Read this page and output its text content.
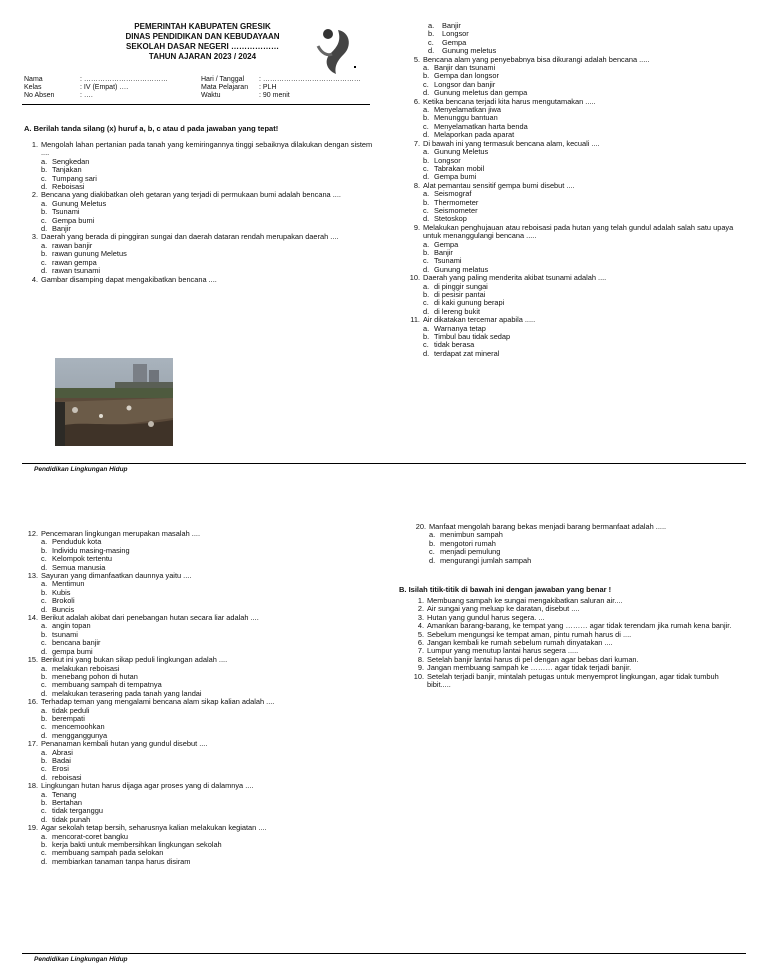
PEMERINTAH KABUPATEN GRESIK
DINAS PENDIDIKAN DAN KEBUDAYAAN
SEKOLAH DASAR NEGERI ………………
TAHUN AJARAN 2023 / 2024
Nama	: ………………………………
Kelas	: IV (Empat) ….
No Absen	: ….
Hari / Tanggal	: ……………………………………
Mata Pelajaran	: PLH
Waktu	: 90 menit
A. Berilah tanda silang (x) huruf a, b, c atau d pada jawaban yang tepat!
1. Mengolah lahan pertanian pada tanah yang kemiringannya tinggi sebaiknya dilakukan dengan sistem ....
a. Sengkedan
b. Tanjakan
c. Tumpang sari
d. Reboisasi
2. Bencana yang diakibatkan oleh getaran yang terjadi di permukaan bumi adalah bencana ....
a. Gunung Meletus
b. Tsunami
c. Gempa bumi
d. Banjir
3. Daerah yang berada di pinggiran sungai dan daerah dataran rendah merupakan daerah ....
a. rawan banjir
b. rawan gunung Meletus
c. rawan gempa
d. rawan tsunami
4. Gambar disamping dapat mengakibatkan bencana ....
a.	Banjir
b.	Longsor
c.	Gempa
d.	Gunung meletus
5. Bencana alam yang penyebabnya bisa dikurangi adalah bencana .....
a. Banjir dan tsunami
b. Gempa dan longsor
c. Longsor dan banjir
d. Gunung meletus dan gempa
6. Ketika bencana terjadi kita harus mengutamakan .....
a. Menyelamatkan jiwa
b. Menunggu bantuan
c. Menyelamatkan harta benda
d. Melaporkan pada aparat
7. Di bawah ini yang termasuk bencana alam, kecuali ....
a. Gunung Meletus
b. Longsor
c. Tabrakan mobil
d. Gempa bumi
8. Alat pemantau sensitif gempa bumi disebut ....
a. Seismograf
b. Thermometer
c. Seismometer
d. Stetoskop
9. Melakukan penghujauan atau reboisasi pada hutan yang telah gundul adalah salah satu upaya untuk menanggulangi bencana .....
a. Gempa
b. Banjir
c. Tsunami
d. Gunung melatus
10. Daerah yang paling menderita akibat tsunami adalah ....
a. di pinggir sungai
b. di pesisir pantai
c. di kaki gunung berapi
d. di lereng bukit
11. Air dikatakan tercemar apabila .....
a. Warnanya tetap
b. Timbul bau tidak sedap
c. tidak berasa
d. terdapat zat mineral
Pendidikan Lingkungan Hidup
12. Pencemaran lingkungan merupakan masalah ....
a. Penduduk kota
b. Individu masing-masing
c. Kelompok tertentu
d. Semua manusia
13. Sayuran yang dimanfaatkan daunnya yaitu ....
a. Mentimun
b. Kubis
c. Brokoli
d. Buncis
14. Berikut adalah akibat dari penebangan hutan secara liar adalah ....
a. angin topan
b. tsunami
c. bencana banjir
d. gempa bumi
15. Berikut ini yang bukan sikap peduli lingkungan adalah ....
a. melakukan reboisasi
b. menebang pohon di hutan
c. membuang sampah di tempatnya
d. melakukan terasering pada tanah yang landai
16. Terhadap teman yang mengalami bencana alam sikap kalian adalah ....
a. tidak peduli
b. berempati
c. mencemoohkan
d. mengganggunya
17. Penanaman kembali hutan yang gundul disebut ....
a. Abrasi
b. Badai
c. Erosi
d. reboisasi
18. Lingkungan hutan harus dijaga agar proses yang di dalamnya ....
a. Tenang
b. Bertahan
c. tidak terganggu
d. tidak punah
19. Agar sekolah tetap bersih, seharusnya kalian melakukan kegiatan ....
a. mencorat-coret bangku
b. kerja bakti untuk membersihkan lingkungan sekolah
c. membuang sampah pada selokan
d. membiarkan tanaman tanpa harus disiram
20. Manfaat mengolah barang bekas menjadi barang bermanfaat adalah .....
a. menimbun sampah
b. mengotori rumah
c. menjadi pemulung
d. mengurangi jumlah sampah
B. Isilah titik-titik di bawah ini dengan jawaban yang benar !
1. Membuang sampah ke sungai mengakibatkan saluran air....
2. Air sungai yang meluap ke daratan, disebut ....
3. Hutan yang gundul harus segera. ...
4. Amankan barang-barang, ke tempat yang ……… agar tidak terendam jika rumah kena banjir.
5. Sebelum mengungsi ke tempat aman, pintu rumah harus di ....
6. Jangan kembali ke rumah sebelum rumah dinyatakan ....
7. Lumpur yang menutup lantai harus segera .....
8. Setelah banjir lantai harus di pel dengan agar bebas dari kuman.
9. Jangan membuang sampah ke ……… agar tidak terjadi banjir.
10. Setelah terjadi banjir, mintalah petugas untuk menyemprot lingkungan, agar tidak tumbuh bibit.....
Pendidikan Lingkungan Hidup
